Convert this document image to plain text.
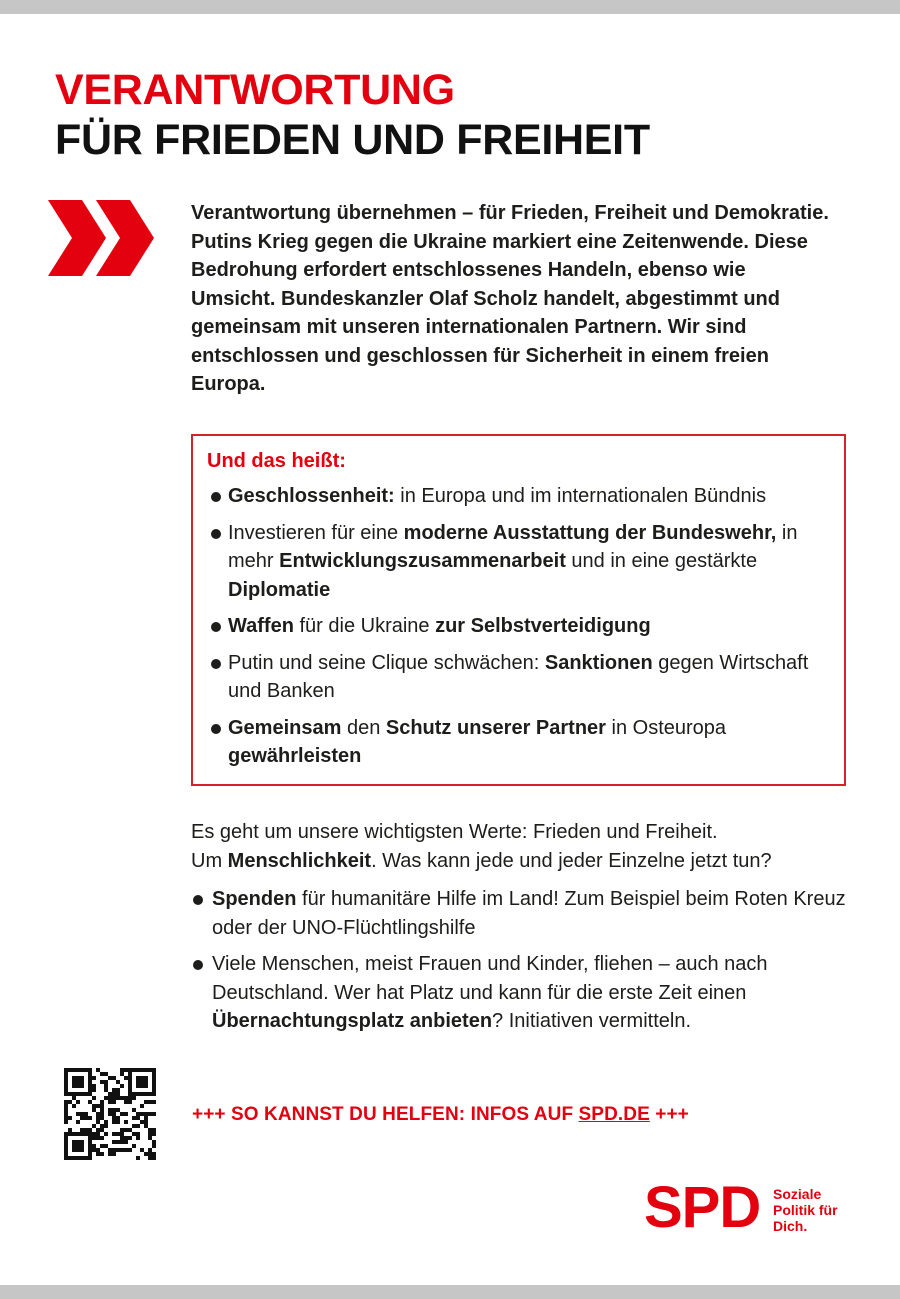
VERANTWORTUNG
FÜR FRIEDEN UND FREIHEIT

Verantwortung übernehmen – für Frieden, Freiheit und Demokratie. Putins Krieg gegen die Ukraine markiert eine Zeitenwende. Diese Bedrohung erfordert entschlossenes Handeln, ebenso wie Umsicht. Bundeskanzler Olaf Scholz handelt, abgestimmt und gemeinsam mit unseren internationalen Partnern. Wir sind entschlossen und geschlossen für Sicherheit in einem freien Europa.

Und das heißt:
Geschlossenheit: in Europa und im internationalen Bündnis
Investieren für eine moderne Ausstattung der Bundeswehr, in mehr Entwicklungszusammenarbeit und in eine gestärkte Diplomatie
Waffen für die Ukraine zur Selbstverteidigung
Putin und seine Clique schwächen: Sanktionen gegen Wirtschaft und Banken
Gemeinsam den Schutz unserer Partner in Osteuropa gewährleisten

Es geht um unsere wichtigsten Werte: Frieden und Freiheit.
Um Menschlichkeit. Was kann jede und jeder Einzelne jetzt tun?

Spenden für humanitäre Hilfe im Land! Zum Beispiel beim Roten Kreuz oder der UNO-Flüchtlingshilfe
Viele Menschen, meist Frauen und Kinder, fliehen – auch nach Deutschland. Wer hat Platz und kann für die erste Zeit einen Übernachtungsplatz anbieten? Initiativen vermitteln.
+++ SO KANNST DU HELFEN: INFOS AUF SPD.DE +++
SPD Soziale
Politik für
Dich.
